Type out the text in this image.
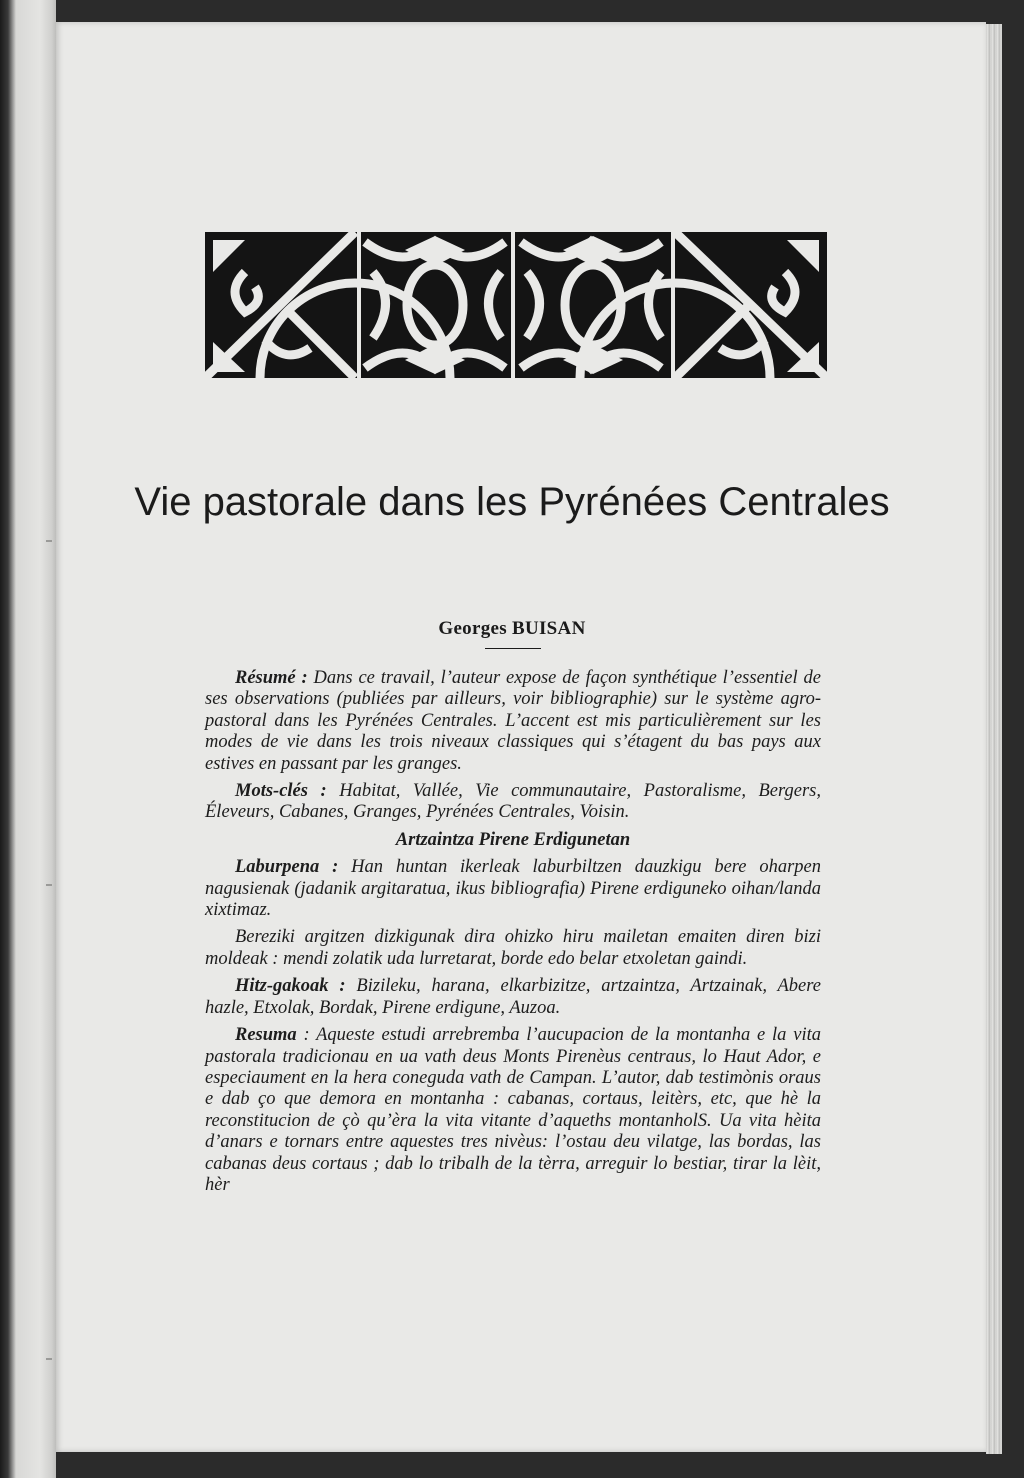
Vie pastorale dans les Pyrénées Centrales
Georges BUISAN

Résumé : Dans ce travail, l’auteur expose de façon synthétique l’essentiel de ses observations (publiées par ailleurs, voir bibliographie) sur le système agro-pastoral dans les Pyrénées Centrales. L’accent est mis particulièrement sur les modes de vie dans les trois niveaux classiques qui s’étagent du bas pays aux estives en passant par les granges.

Mots-clés : Habitat, Vallée, Vie communautaire, Pastoralisme, Bergers, Éleveurs, Cabanes, Granges, Pyrénées Centrales, Voisin.

Artzaintza Pirene Erdigunetan

Laburpena : Han huntan ikerleak laburbiltzen dauzkigu bere oharpen nagusienak (jadanik argitaratua, ikus bibliografia) Pirene erdiguneko oihan/landa xixtimaz.

Bereziki argitzen dizkigunak dira ohizko hiru mailetan emaiten diren bizi moldeak : mendi zolatik uda lurretarat, borde edo belar etxoletan gaindi.

Hitz-gakoak : Bizileku, harana, elkarbizitze, artzaintza, Artzainak, Abere hazle, Etxolak, Bordak, Pirene erdigune, Auzoa.

Resuma : Aqueste estudi arrebremba l’aucupacion de la montanha e la vita pastorala tradicionau en ua vath deus Monts Pirenèus centraus, lo Haut Ador, e especiaument en la hera coneguda vath de Campan. L’autor, dab testimònis oraus e dab ço que demora en montanha : cabanas, cortaus, leitèrs, etc, que hè la reconstitucion de çò qu’èra la vita vitante d’aqueths montanholS. Ua vita hèita d’anars e tornars entre aquestes tres nivèus: l’ostau deu vilatge, las bordas, las cabanas deus cortaus ; dab lo tribalh de la tèrra, arreguir lo bestiar, tirar la lèit, hèr
